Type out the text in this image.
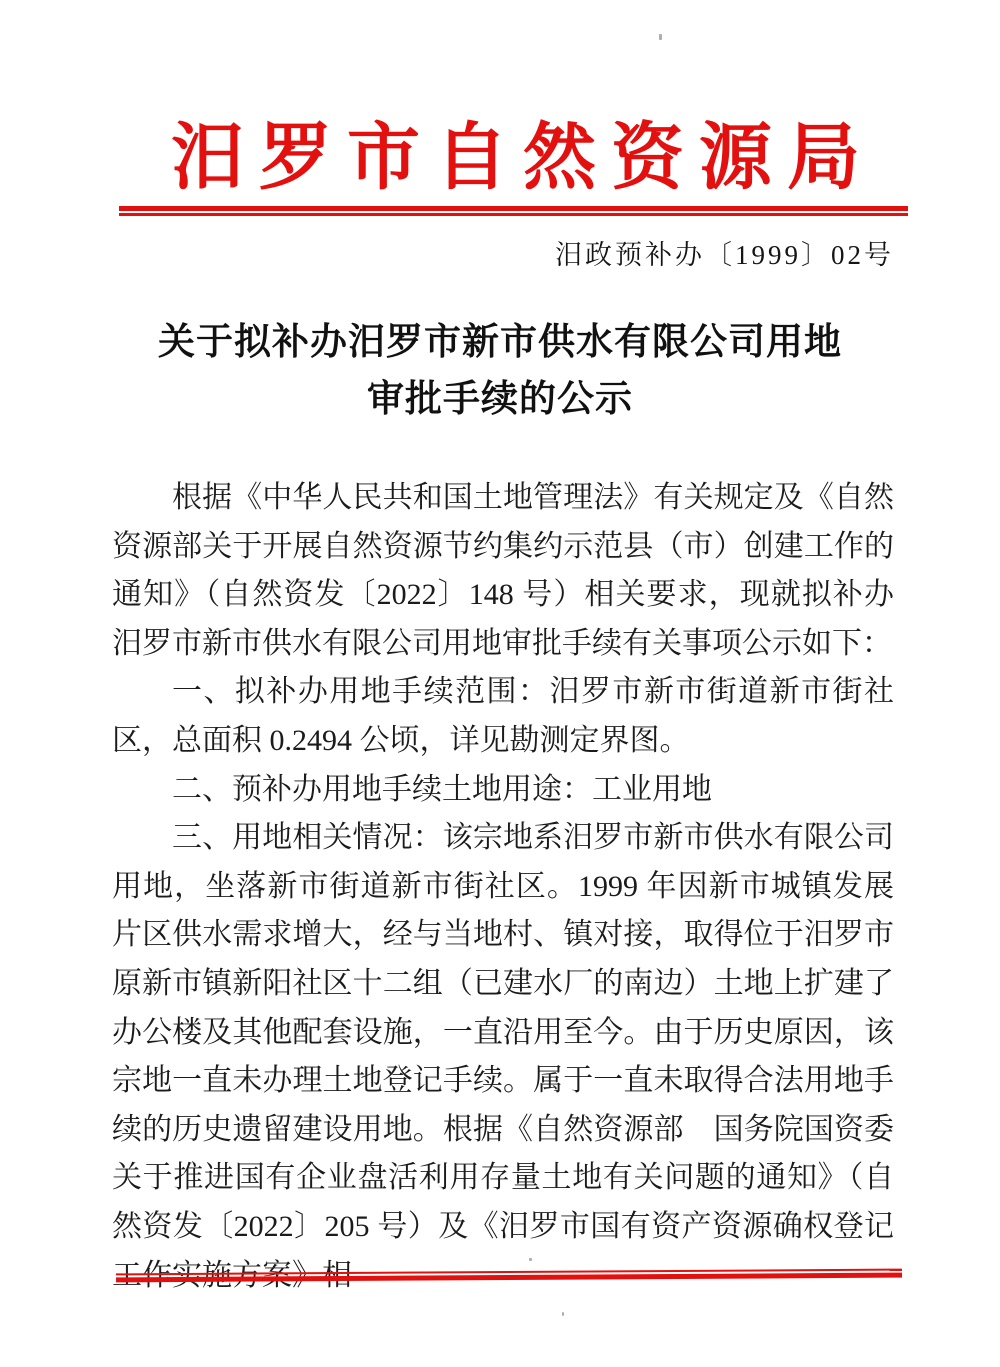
汨罗市自然资源局
汨政预补办〔1999〕02号
关于拟补办汨罗市新市供水有限公司用地
审批手续的公示

根据《中华人民共和国土地管理法》有关规定及《自然资源部关于开展自然资源节约集约示范县（市）创建工作的通知》（自然资发〔2022〕148 号）相关要求，现就拟补办汨罗市新市供水有限公司用地审批手续有关事项公示如下：

一、拟补办用地手续范围：汨罗市新市街道新市街社区，总面积 0.2494 公顷，详见勘测定界图。

二、预补办用地手续土地用途：工业用地

三、用地相关情况：该宗地系汨罗市新市供水有限公司用地，坐落新市街道新市街社区。1999 年因新市城镇发展片区供水需求增大，经与当地村、镇对接，取得位于汨罗市原新市镇新阳社区十二组（已建水厂的南边）土地上扩建了办公楼及其他配套设施，一直沿用至今。由于历史原因，该宗地一直未办理土地登记手续。属于一直未取得合法用地手续的历史遗留建设用地。根据《自然资源部　国务院国资委关于推进国有企业盘活利用存量土地有关问题的通知》（自然资发〔2022〕205 号）及《汨罗市国有资产资源确权登记工作实施方案》相
